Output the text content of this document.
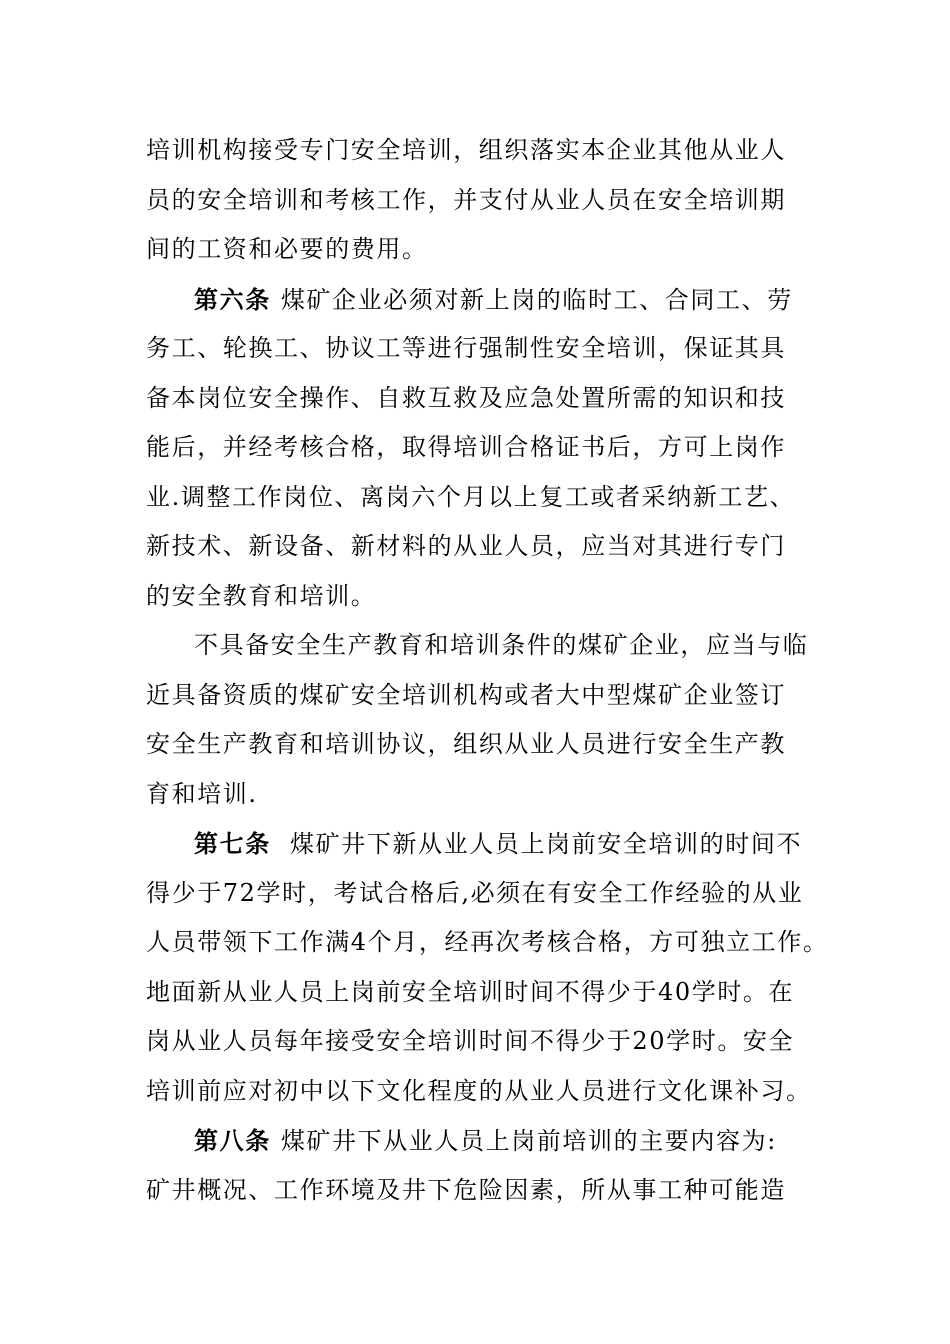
培训机构接受专门安全培训，组织落实本企业其他从业人
员的安全培训和考核工作，并支付从业人员在安全培训期
间的工资和必要的费用。
第六条 煤矿企业必须对新上岗的临时工、合同工、劳
务工、轮换工、协议工等进行强制性安全培训，保证其具
备本岗位安全操作、自救互救及应急处置所需的知识和技
能后，并经考核合格，取得培训合格证书后，方可上岗作
业.调整工作岗位、离岗六个月以上复工或者采纳新工艺、
新技术、新设备、新材料的从业人员，应当对其进行专门
的安全教育和培训。
不具备安全生产教育和培训条件的煤矿企业，应当与临
近具备资质的煤矿安全培训机构或者大中型煤矿企业签订
安全生产教育和培训协议，组织从业人员进行安全生产教
育和培训.
第七条 煤矿井下新从业人员上岗前安全培训的时间不
得少于72学时，考试合格后,必须在有安全工作经验的从业
人员带领下工作满4个月，经再次考核合格，方可独立工作。
地面新从业人员上岗前安全培训时间不得少于40学时。在
岗从业人员每年接受安全培训时间不得少于20学时。安全
培训前应对初中以下文化程度的从业人员进行文化课补习。
第八条 煤矿井下从业人员上岗前培训的主要内容为:
矿井概况、工作环境及井下危险因素，所从事工种可能造
